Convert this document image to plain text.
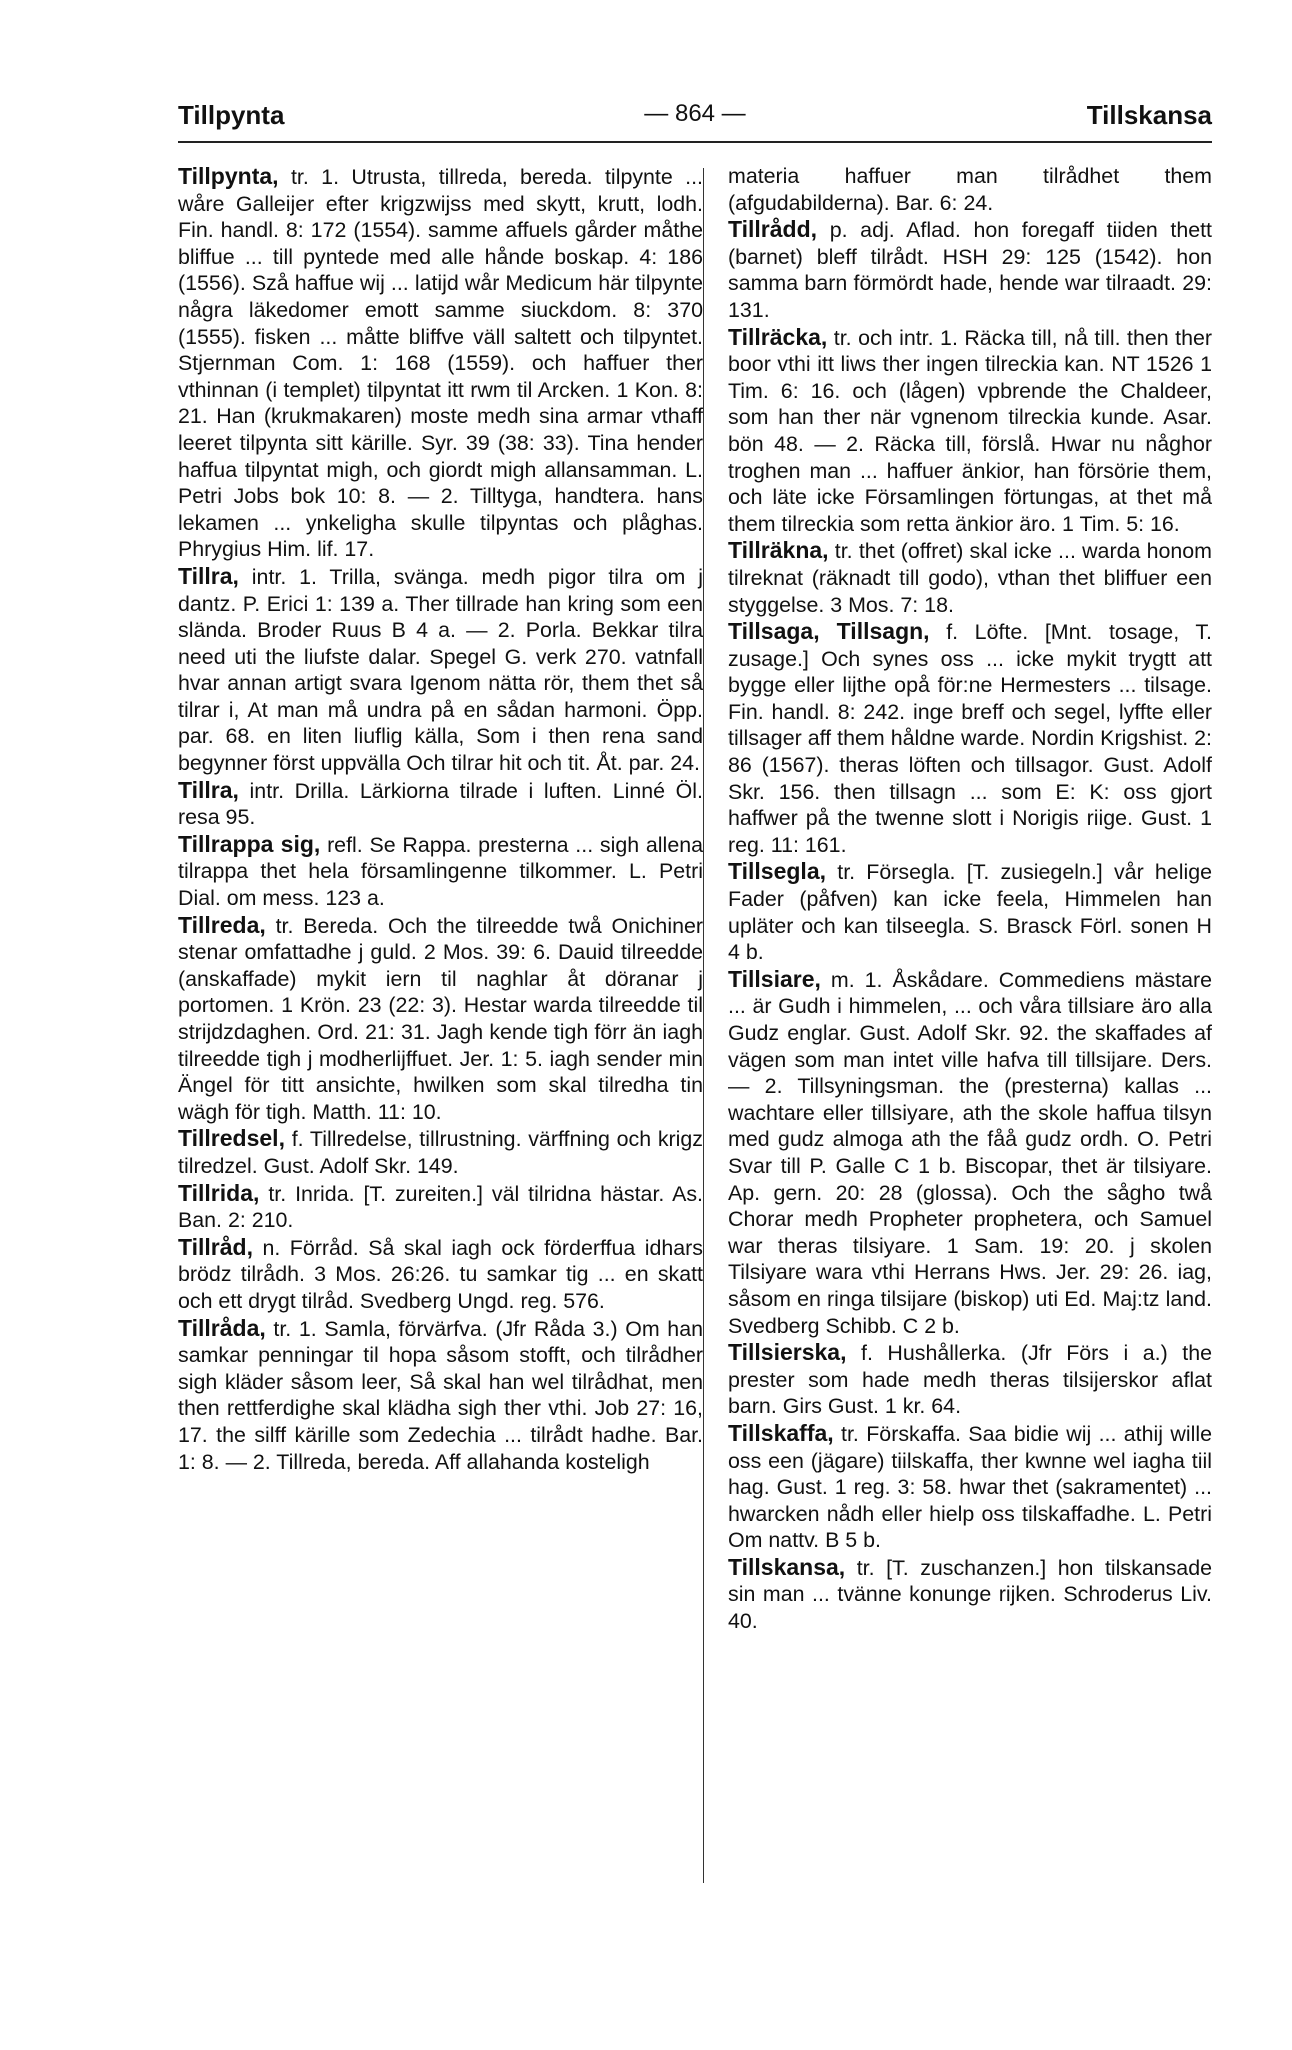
Tillpynta	— 864 —	Tillskansa

Tillpynta, tr. 1. Utrusta, tillreda, bereda. tilpynte ... wåre Galleijer efter krigzwijss med skytt, krutt, lodh. Fin. handl. 8: 172 (1554). samme affuels gårder måthe bliffue ... till pyntede med alle hånde boskap. 4: 186 (1556). Szå haffue wij ... latijd wår Medicum här tilpynte några läkedomer emott samme siuckdom. 8: 370 (1555). fisken ... måtte bliffve väll saltett och tilpyntet. Stjernman Com. 1: 168 (1559). och haffuer ther vthinnan (i templet) tilpyntat itt rwm til Arcken. 1 Kon. 8: 21. Han (krukmakaren) moste medh sina armar vthaff leeret tilpynta sitt kärille. Syr. 39 (38: 33). Tina hender haffua tilpyntat migh, och giordt migh allansamman. L. Petri Jobs bok 10: 8. — 2. Tilltyga, handtera. hans lekamen ... ynkeligha skulle tilpyntas och plåghas. Phrygius Him. lif. 17.

Tillra, intr. 1. Trilla, svänga. medh pigor tilra om j dantz. P. Erici 1: 139 a. Ther tillrade han kring som een slända. Broder Ruus B 4 a. — 2. Porla. Bekkar tilra need uti the liufste dalar. Spegel G. verk 270. vatnfall hvar annan artigt svara Igenom nätta rör, them thet så tilrar i, At man må undra på en sådan harmoni. Öpp. par. 68. en liten liuflig källa, Som i then rena sand begynner först uppvälla Och tilrar hit och tit. Åt. par. 24.

Tillra, intr. Drilla. Lärkiorna tilrade i luften. Linné Öl. resa 95.

Tillrappa sig, refl. Se Rappa. presterna ... sigh allena tilrappa thet hela församlingenne tilkommer. L. Petri Dial. om mess. 123 a.

Tillreda, tr. Bereda. Och the tilreedde twå Onichiner stenar omfattadhe j guld. 2 Mos. 39: 6. Dauid tilreedde (anskaffade) mykit iern til naghlar åt döranar j portomen. 1 Krön. 23 (22: 3). Hestar warda tilreedde til strijdzdaghen. Ord. 21: 31. Jagh kende tigh förr än iagh tilreedde tigh j modherlijffuet. Jer. 1: 5. iagh sender min Ängel för titt ansichte, hwilken som skal tilredha tin wägh för tigh. Matth. 11: 10.

Tillredsel, f. Tillredelse, tillrustning. värffning och krigz tilredzel. Gust. Adolf Skr. 149.

Tillrida, tr. Inrida. [T. zureiten.] väl tilridna hästar. As. Ban. 2: 210.

Tillråd, n. Förråd. Så skal iagh ock förderffua idhars brödz tilrådh. 3 Mos. 26:26. tu samkar tig ... en skatt och ett drygt tilråd. Svedberg Ungd. reg. 576.

Tillråda, tr. 1. Samla, förvärfva. (Jfr Råda 3.) Om han samkar penningar til hopa såsom stofft, och tilrådher sigh kläder såsom leer, Så skal han wel tilrådhat, men then rettferdighe skal klädha sigh ther vthi. Job 27: 16, 17. the silff kärille som Zedechia ... tilrådt hadhe. Bar. 1: 8. — 2. Tillreda, bereda. Aff allahanda kosteligh

materia haffuer man tilrådhet them (afgudabilderna). Bar. 6: 24.

Tillrådd, p. adj. Aflad. hon foregaff tiiden thett (barnet) bleff tilrådt. HSH 29: 125 (1542). hon samma barn förmördt hade, hende war tilraadt. 29: 131.

Tillräcka, tr. och intr. 1. Räcka till, nå till. then ther boor vthi itt liws ther ingen tilreckia kan. NT 1526 1 Tim. 6: 16. och (lågen) vpbrende the Chaldeer, som han ther när vgnenom tilreckia kunde. Asar. bön 48. — 2. Räcka till, förslå. Hwar nu någhor troghen man ... haffuer änkior, han försörie them, och läte icke Församlingen förtungas, at thet må them tilreckia som retta änkior äro. 1 Tim. 5: 16.

Tillräkna, tr. thet (offret) skal icke ... warda honom tilreknat (räknadt till godo), vthan thet bliffuer een styggelse. 3 Mos. 7: 18.

Tillsaga, Tillsagn, f. Löfte. [Mnt. tosage, T. zusage.] Och synes oss ... icke mykit trygtt att bygge eller lijthe opå för:ne Hermesters ... tilsage. Fin. handl. 8: 242. inge breff och segel, lyffte eller tillsager aff them håldne warde. Nordin Krigshist. 2: 86 (1567). theras löften och tillsagor. Gust. Adolf Skr. 156. then tillsagn ... som E: K: oss gjort haffwer på the twenne slott i Norigis riige. Gust. 1 reg. 11: 161.

Tillsegla, tr. Försegla. [T. zusiegeln.] vår helige Fader (påfven) kan icke feela, Himmelen han upläter och kan tilseegla. S. Brasck Förl. sonen H 4 b.

Tillsiare, m. 1. Åskådare. Commediens mästare ... är Gudh i himmelen, ... och våra tillsiare äro alla Gudz englar. Gust. Adolf Skr. 92. the skaffades af vägen som man intet ville hafva till tillsijare. Ders. — 2. Tillsyningsman. the (presterna) kallas ... wachtare eller tillsiyare, ath the skole haffua tilsyn med gudz almoga ath the fåå gudz ordh. O. Petri Svar till P. Galle C 1 b. Biscopar, thet är tilsiyare. Ap. gern. 20: 28 (glossa). Och the sågho twå Chorar medh Propheter prophetera, och Samuel war theras tilsiyare. 1 Sam. 19: 20. j skolen Tilsiyare wara vthi Herrans Hws. Jer. 29: 26. iag, såsom en ringa tilsijare (biskop) uti Ed. Maj:tz land. Svedberg Schibb. C 2 b.

Tillsierska, f. Hushållerka. (Jfr Förs i a.) the prester som hade medh theras tilsijerskor aflat barn. Girs Gust. 1 kr. 64.

Tillskaffa, tr. Förskaffa. Saa bidie wij ... athij wille oss een (jägare) tiilskaffa, ther kwnne wel iagha tiil hag. Gust. 1 reg. 3: 58. hwar thet (sakramentet) ... hwarcken nådh eller hielp oss tilskaffadhe. L. Petri Om nattv. B 5 b.

Tillskansa, tr. [T. zuschanzen.] hon tilskansade sin man ... tvänne konunge rijken. Schroderus Liv. 40.
